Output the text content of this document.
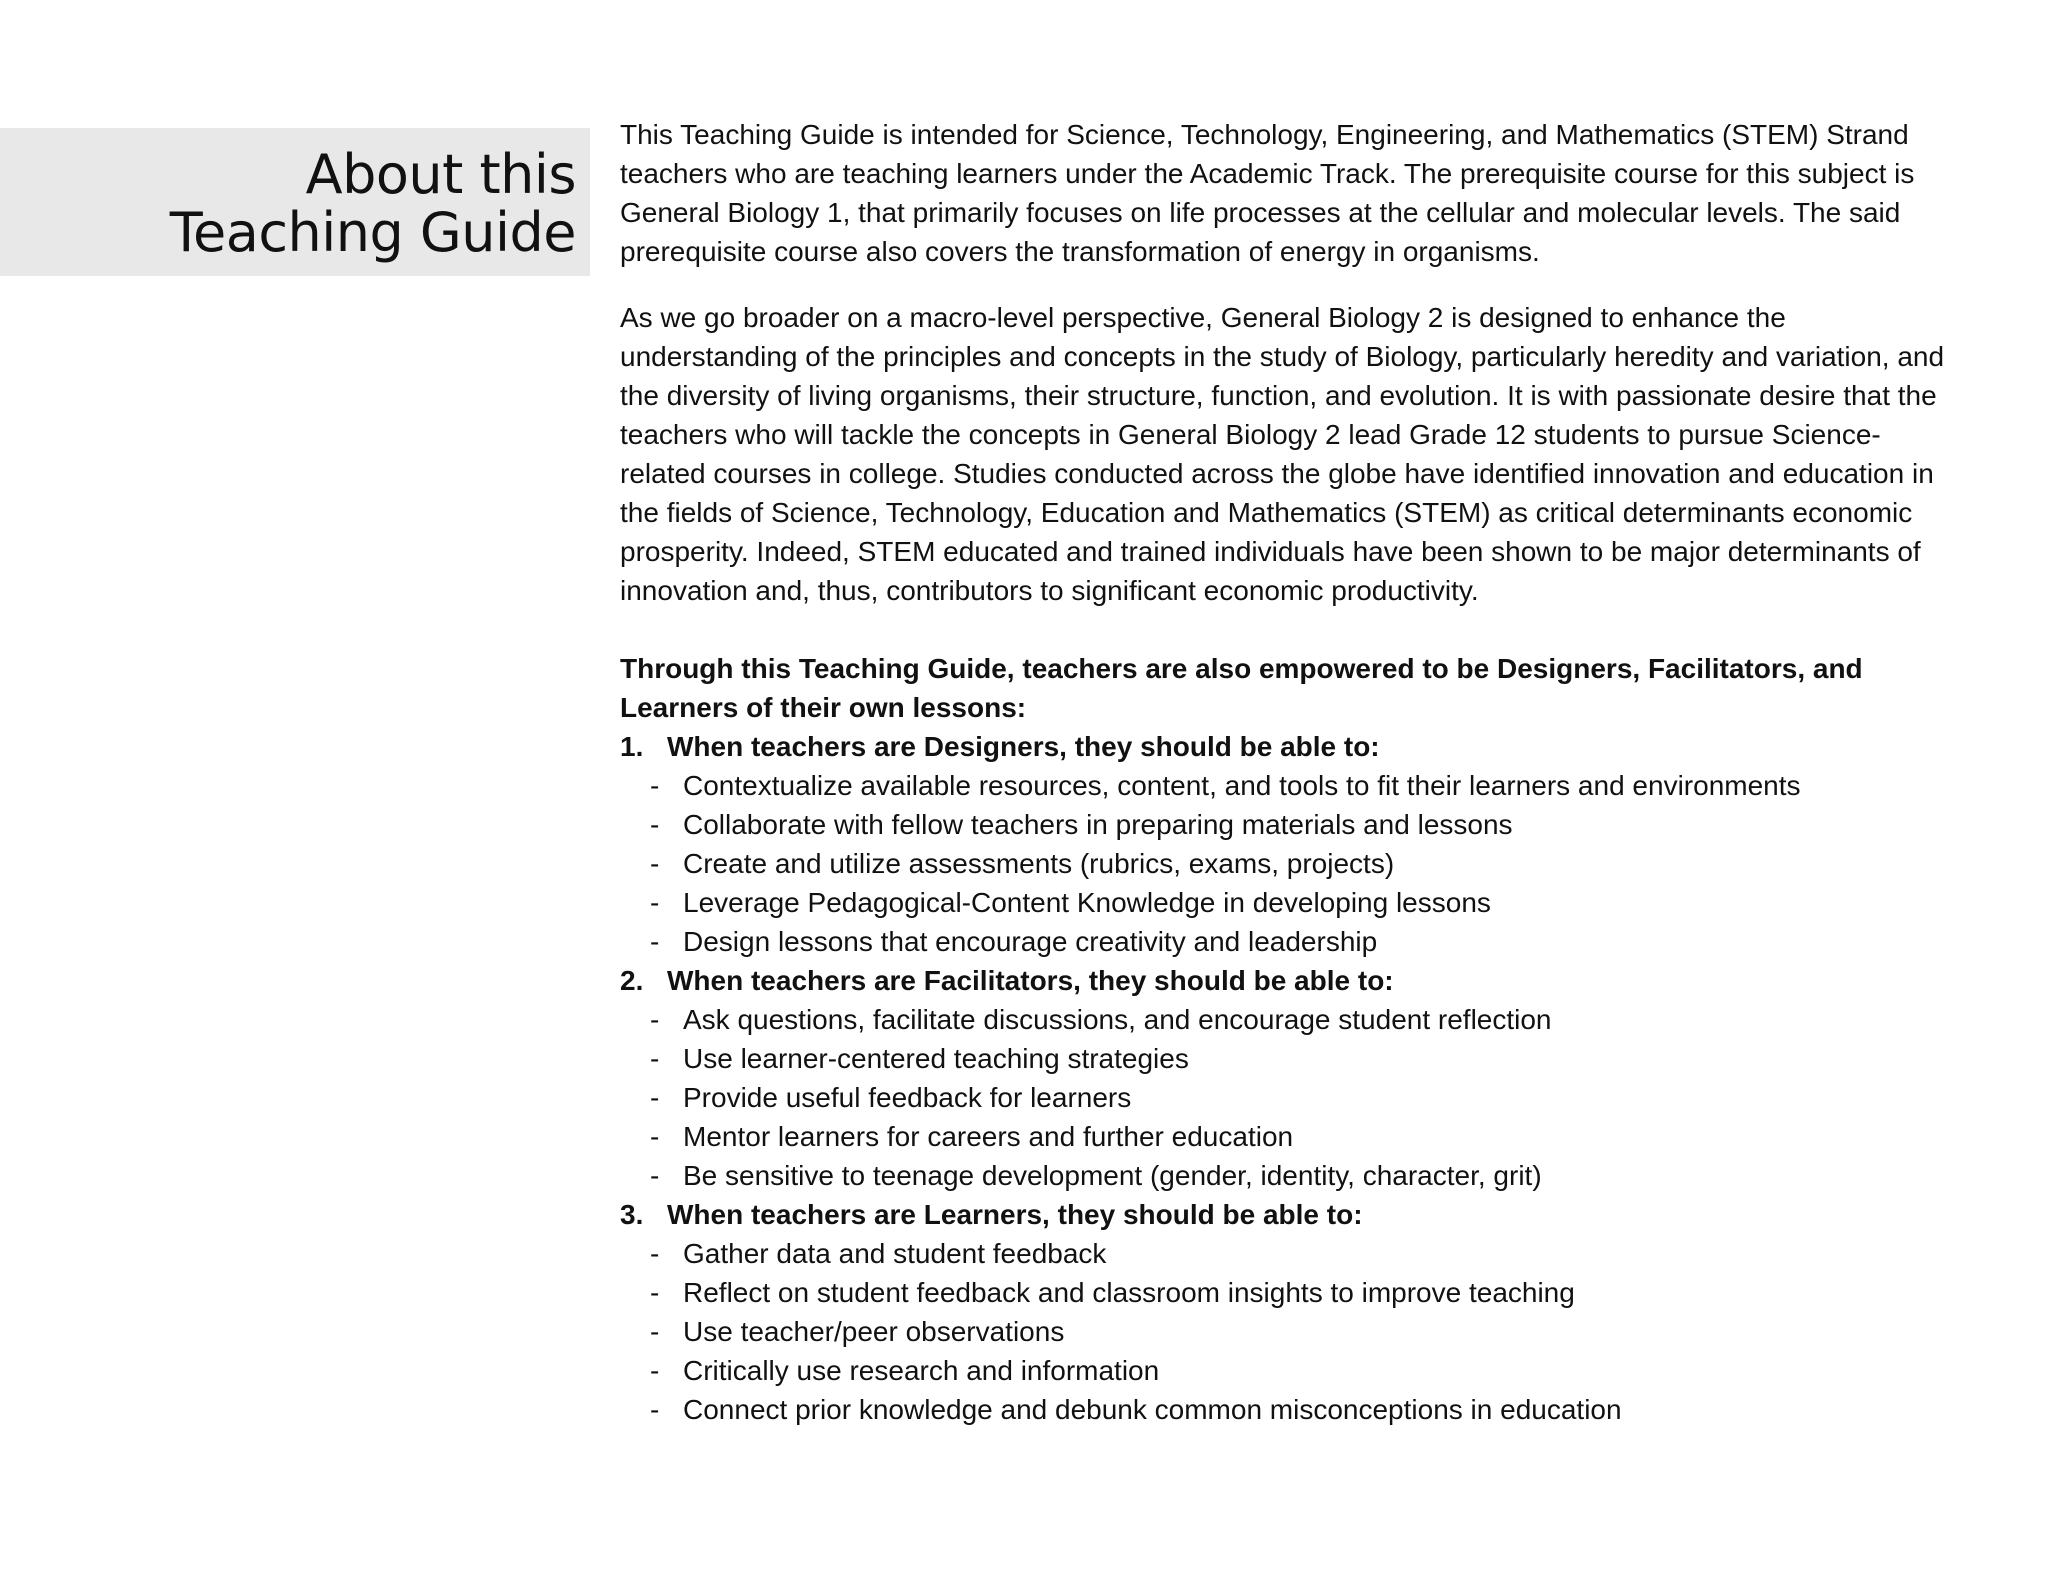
About this
Teaching Guide

This Teaching Guide is intended for Science, Technology, Engineering, and Mathematics (STEM) Strand teachers who are teaching learners under the Academic Track. The prerequisite course for this subject is General Biology 1, that primarily focuses on life processes at the cellular and molecular levels. The said prerequisite course also covers the transformation of energy in organisms.

As we go broader on a macro-level perspective, General Biology 2 is designed to enhance the understanding of the principles and concepts in the study of Biology, particularly heredity and variation, and the diversity of living organisms, their structure, function, and evolution. It is with passionate desire that the teachers who will tackle the concepts in General Biology 2 lead Grade 12 students to pursue Science-related courses in college. Studies conducted across the globe have identified innovation and education in the fields of Science, Technology, Education and Mathematics (STEM) as critical determinants economic prosperity. Indeed, STEM educated and trained individuals have been shown to be major determinants of innovation and, thus, contributors to significant economic productivity.

Through this Teaching Guide, teachers are also empowered to be Designers, Facilitators, and Learners of their own lessons:
1. When teachers are Designers, they should be able to:
- Contextualize available resources, content, and tools to fit their learners and environments
- Collaborate with fellow teachers in preparing materials and lessons
- Create and utilize assessments (rubrics, exams, projects)
- Leverage Pedagogical-Content Knowledge in developing lessons
- Design lessons that encourage creativity and leadership
2. When teachers are Facilitators, they should be able to:
- Ask questions, facilitate discussions, and encourage student reflection
- Use learner-centered teaching strategies
- Provide useful feedback for learners
- Mentor learners for careers and further education
- Be sensitive to teenage development (gender, identity, character, grit)
3. When teachers are Learners, they should be able to:
- Gather data and student feedback
- Reflect on student feedback and classroom insights to improve teaching
- Use teacher/peer observations
- Critically use research and information
- Connect prior knowledge and debunk common misconceptions in education
